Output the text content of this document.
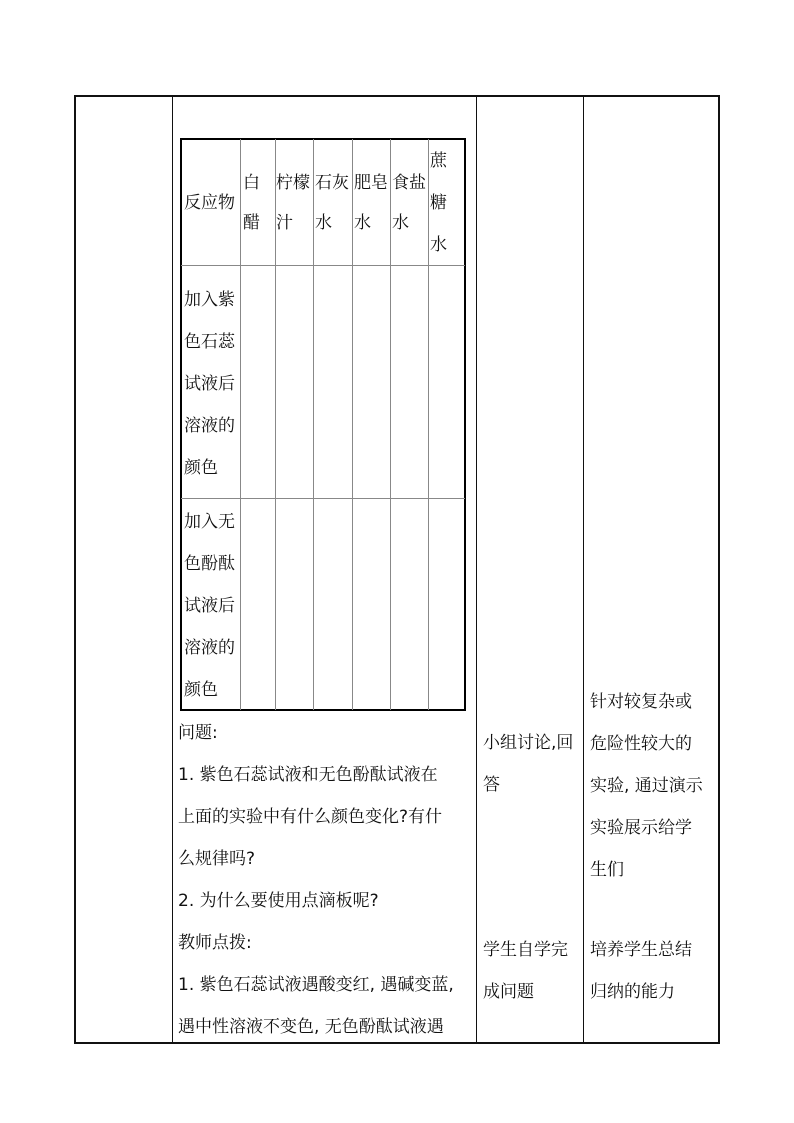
反应物
白
醋
柠檬
汁
石灰
水
肥皂
水
食盐
水
蔗
糖
水
加入紫
色石蕊
试液后
溶液的
颜色
加入无
色酚酞
试液后
溶液的
颜色
问题:
1. 紫色石蕊试液和无色酚酞试液在
上面的实验中有什么颜色变化?有什
么规律吗?
2. 为什么要使用点滴板呢?
教师点拨:
1. 紫色石蕊试液遇酸变红, 遇碱变蓝,
遇中性溶液不变色, 无色酚酞试液遇
小组讨论,回
答
学生自学完
成问题
针对较复杂或
危险性较大的
实验, 通过演示
实验展示给学
生们
培养学生总结
归纳的能力
